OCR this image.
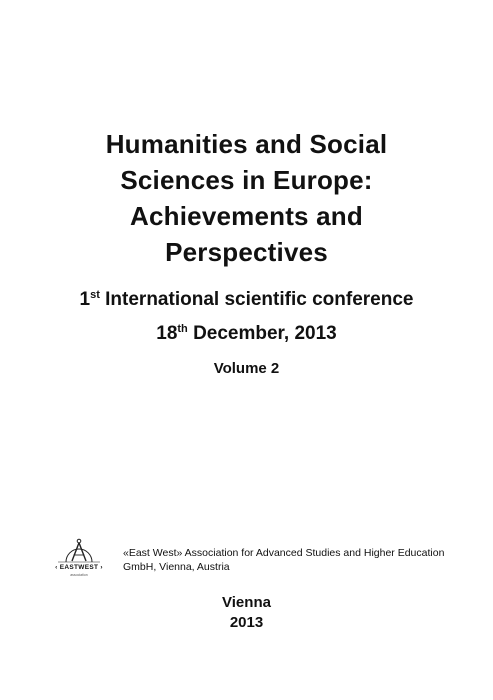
Humanities and Social
Sciences in Europe:
Achievements and
Perspectives
1st International scientific conference
18th December, 2013
Volume 2
‹ EASTWEST ›
association
«East West» Association for Advanced Studies and Higher Education
GmbH, Vienna, Austria
Vienna
2013
